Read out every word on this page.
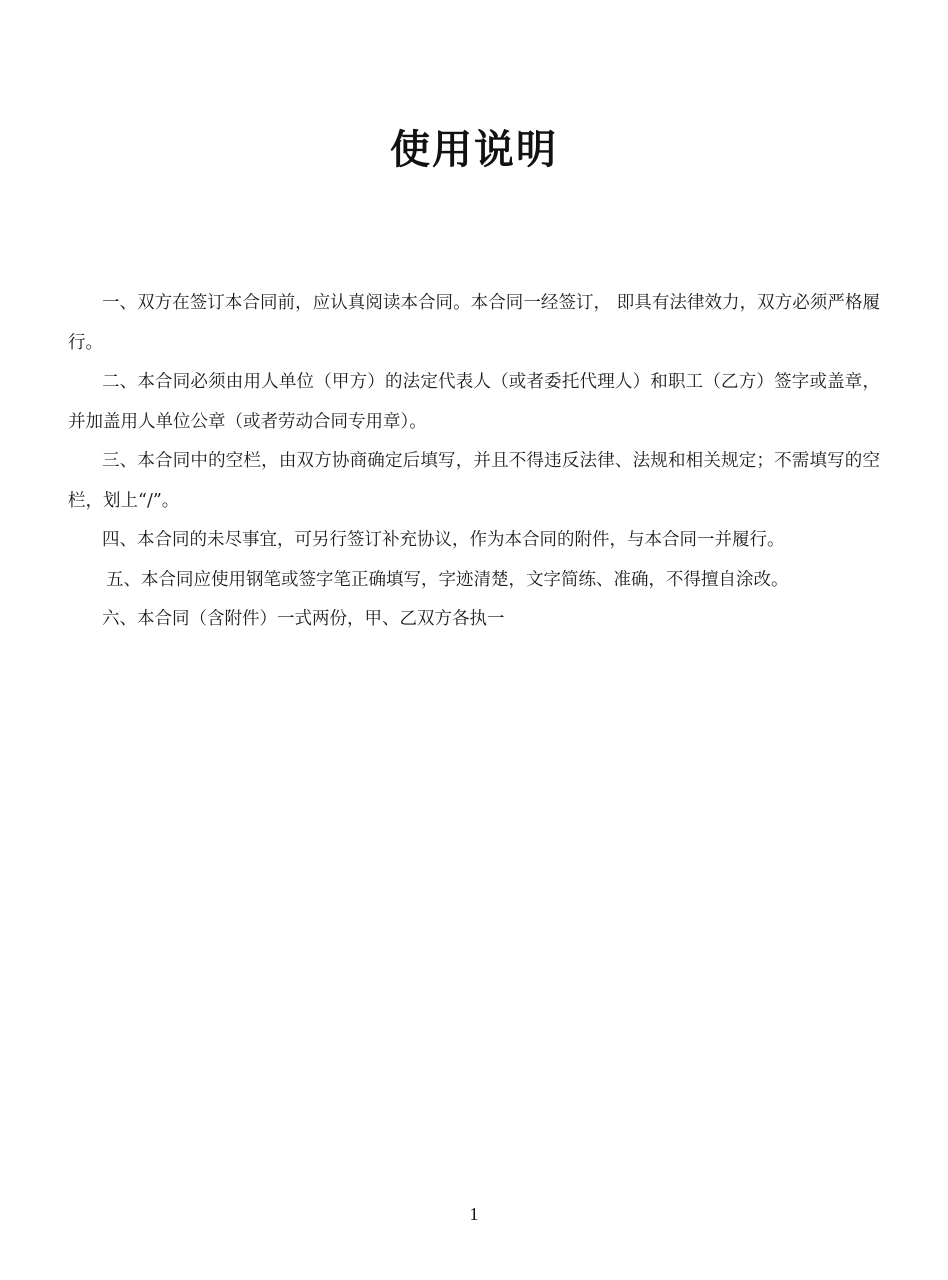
使用说明

一、双方在签订本合同前，应认真阅读本合同。本合同一经签订， 即具有法律效力，双方必须严格履行。

二、本合同必须由用人单位（甲方）的法定代表人（或者委托代理人）和职工（乙方）签字或盖章，并加盖用人单位公章（或者劳动合同专用章）。

三、本合同中的空栏，由双方协商确定后填写，并且不得违反法律、法规和相关规定；不需填写的空栏，划上“/”。

四、本合同的未尽事宜，可另行签订补充协议，作为本合同的附件，与本合同一并履行。

五、本合同应使用钢笔或签字笔正确填写，字迹清楚，文字简练、准确，不得擅自涂改。

六、本合同（含附件）一式两份，甲、乙双方各执一

1
